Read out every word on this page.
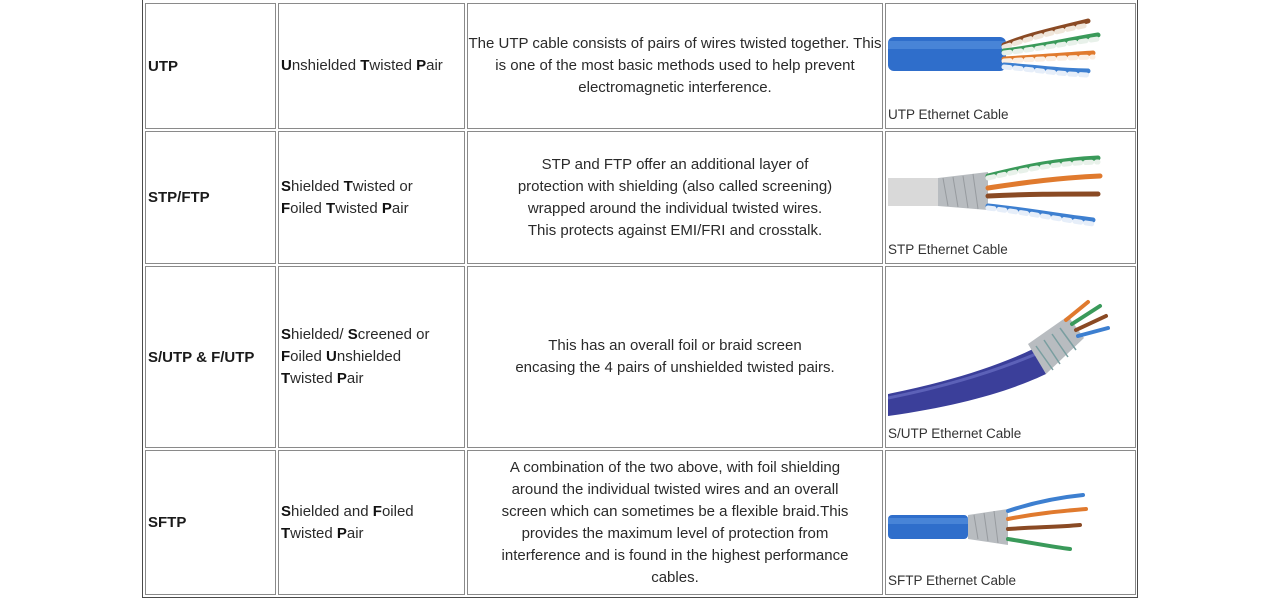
UTP	Unshielded Twisted Pair
The UTP cable consists of pairs of wires twisted together. This is one of the most basic methods used to help prevent electromagnetic interference.
UTP Ethernet Cable
STP/FTP
Shielded Twisted or
Foiled Twisted Pair
STP and FTP offer an additional layer of
protection with shielding (also called screening)
wrapped around the individual twisted wires.
This protects against EMI/FRI and crosstalk.
STP Ethernet Cable
S/UTP & F/UTP
Shielded/ Screened or
Foiled Unshielded
Twisted Pair
This has an overall foil or braid screen
encasing the 4 pairs of unshielded twisted pairs.
S/UTP Ethernet Cable
SFTP
Shielded and Foiled
Twisted Pair
A combination of the two above, with foil shielding
around the individual twisted wires and an overall
screen which can sometimes be a flexible braid.This
provides the maximum level of protection from
interference and is found in the highest performance
cables.	SFTP Ethernet Cable
